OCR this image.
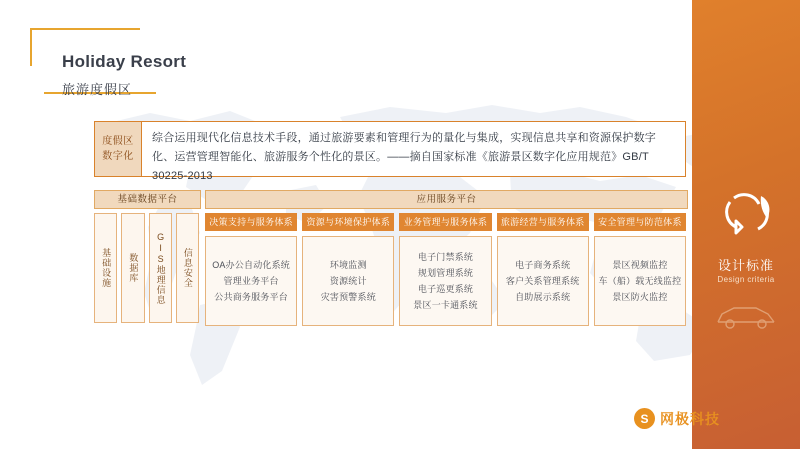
Holiday Resort
旅游度假区
度假区
数字化
综合运用现代化信息技术手段，通过旅游要素和管理行为的量化与集成，实现信息共享和资源保护数字化、运营管理智能化、旅游服务个性化的景区。——摘自国家标准《旅游景区数字化应用规范》GB/T 30225-2013
基础数据平台	应用服务平台
基础设施 数据库 GIS地理信息 信息安全
决策支持与服务体系
OA办公自动化系统
管理业务平台
公共商务服务平台
资源与环境保护体系
环境监测
资源统计
灾害预警系统
业务管理与服务体系
电子门禁系统
规划管理系统
电子巡更系统
景区一卡通系统
旅游经营与服务体系
电子商务系统
客户关系管理系统
自助展示系统
安全管理与防范体系
景区视频监控
车（船）载无线监控
景区防火监控
设计标准
Design criteria
S 网极科技
